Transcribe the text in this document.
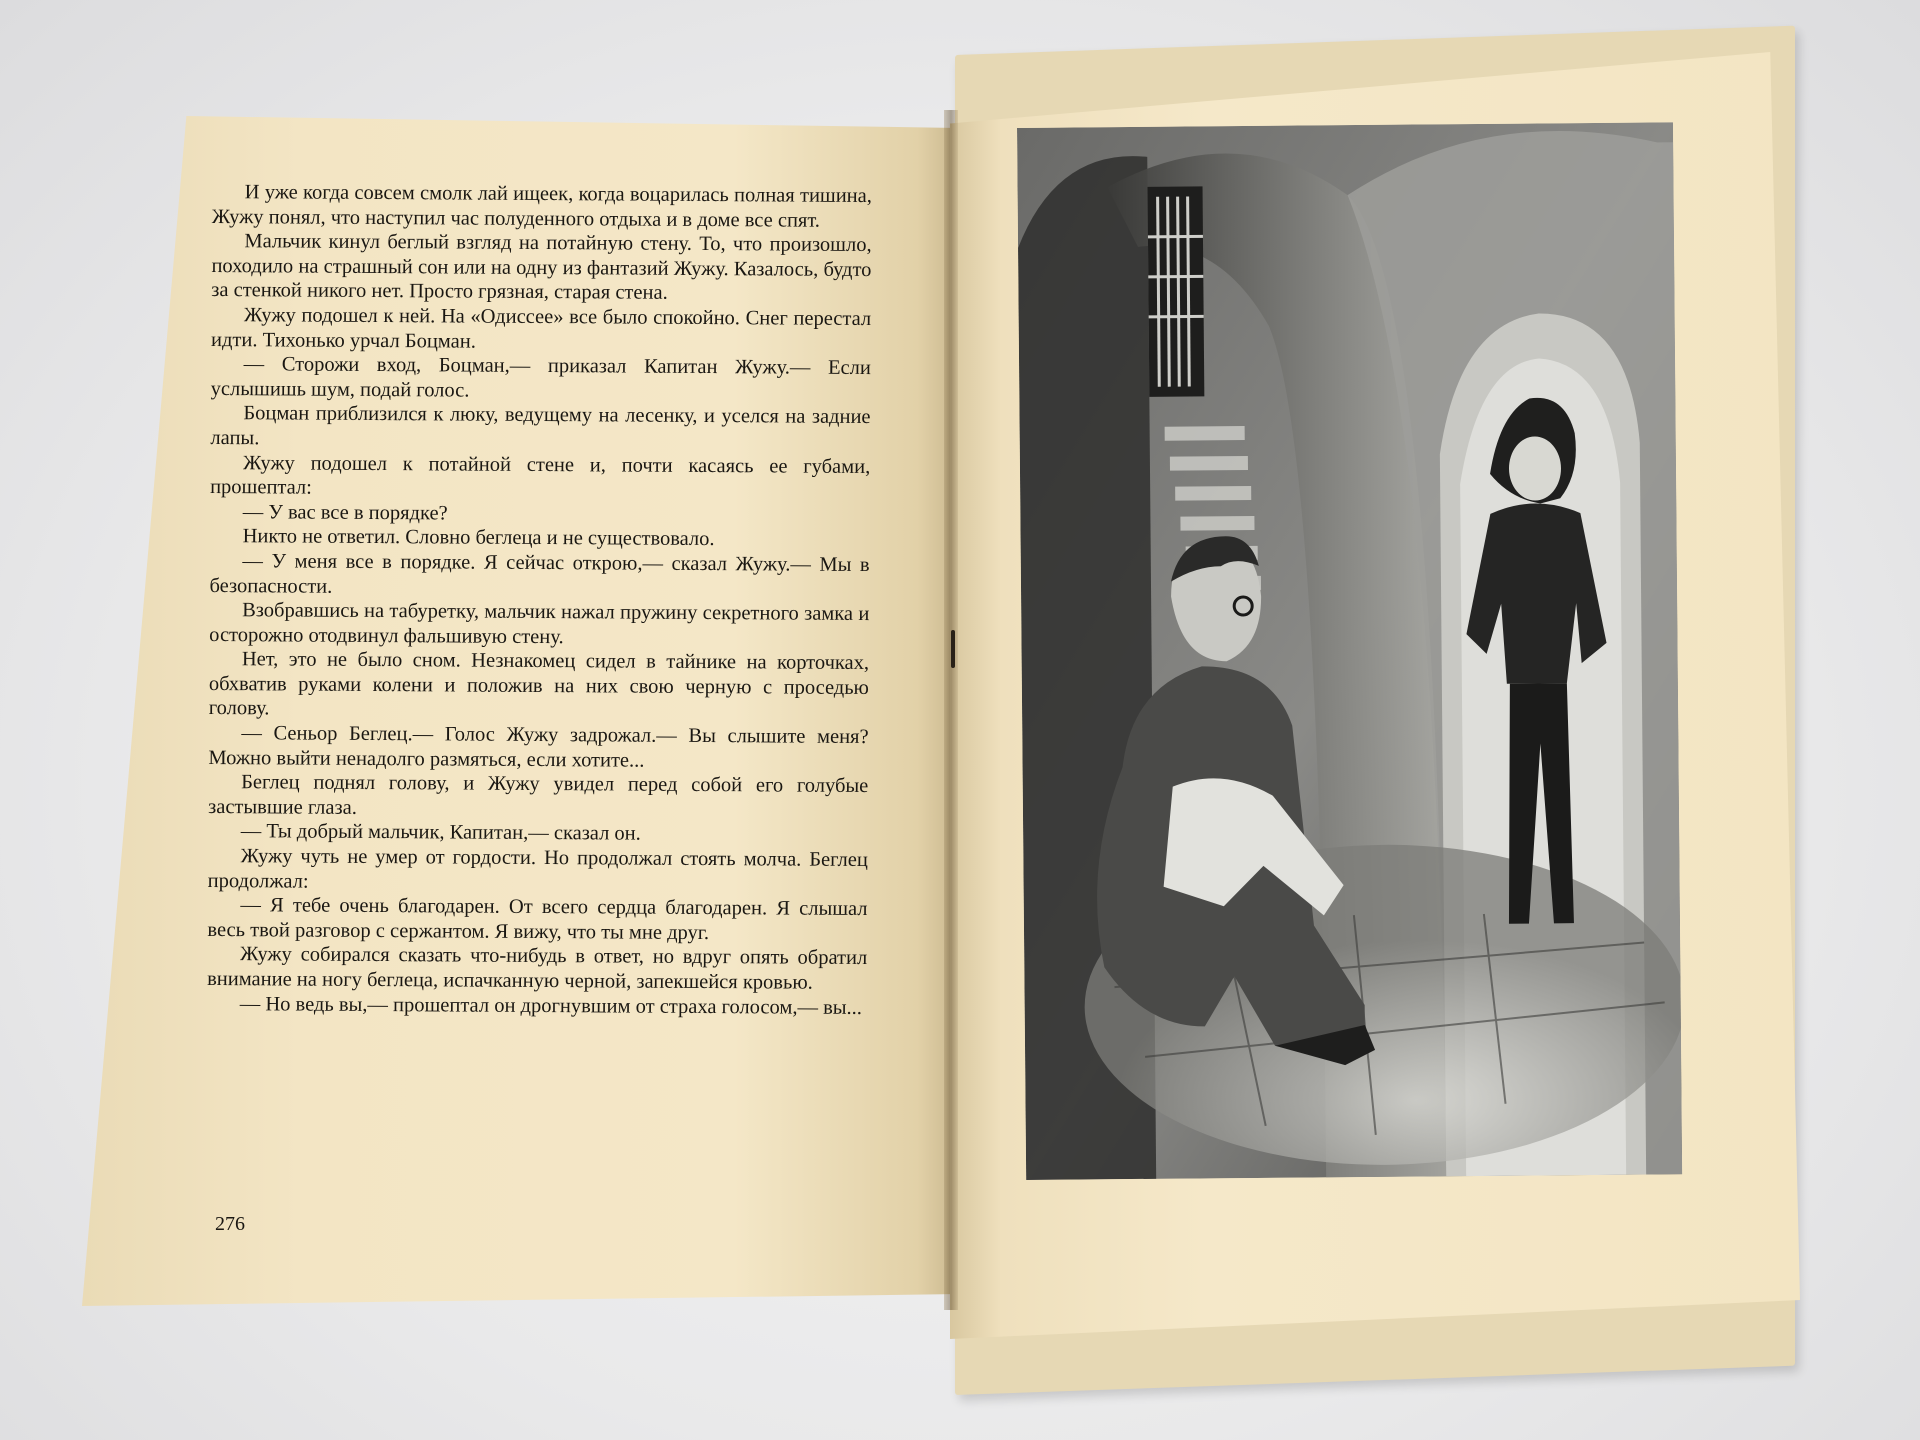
И уже когда совсем смолк лай ищеек, когда воцарилась полная тишина, Жужу понял, что наступил час полуденного отдыха и в доме все спят.

Мальчик кинул беглый взгляд на потайную стену. То, что произошло, походило на страшный сон или на одну из фантазий Жужу. Казалось, будто за стенкой никого нет. Просто грязная, старая стена.

Жужу подошел к ней. На «Одиссее» все было спокойно. Снег перестал идти. Тихонько урчал Боцман.

— Сторожи вход, Боцман,— приказал Капитан Жужу.— Если услышишь шум, подай голос.

Боцман приблизился к люку, ведущему на лесенку, и уселся на задние лапы.

Жужу подошел к потайной стене и, почти касаясь ее губами, прошептал:

— У вас все в порядке?

Никто не ответил. Словно беглеца и не существовало.

— У меня все в порядке. Я сейчас открою,— сказал Жужу.— Мы в безопасности.

Взобравшись на табуретку, мальчик нажал пружину секретного замка и осторожно отодвинул фальшивую стену.

Нет, это не было сном. Незнакомец сидел в тайнике на корточках, обхватив руками колени и положив на них свою черную с проседью голову.

— Сеньор Беглец.— Голос Жужу задрожал.— Вы слышите меня? Можно выйти ненадолго размяться, если хотите...

Беглец поднял голову, и Жужу увидел перед собой его голубые застывшие глаза.

— Ты добрый мальчик, Капитан,— сказал он.

Жужу чуть не умер от гордости. Но продолжал стоять молча. Беглец продолжал:

— Я тебе очень благодарен. От всего сердца благодарен. Я слышал весь твой разговор с сержантом. Я вижу, что ты мне друг.

Жужу собирался сказать что-нибудь в ответ, но вдруг опять обратил внимание на ногу беглеца, испачканную черной, запекшейся кровью.

— Но ведь вы,— прошептал он дрогнувшим от страха голосом,— вы...

276
